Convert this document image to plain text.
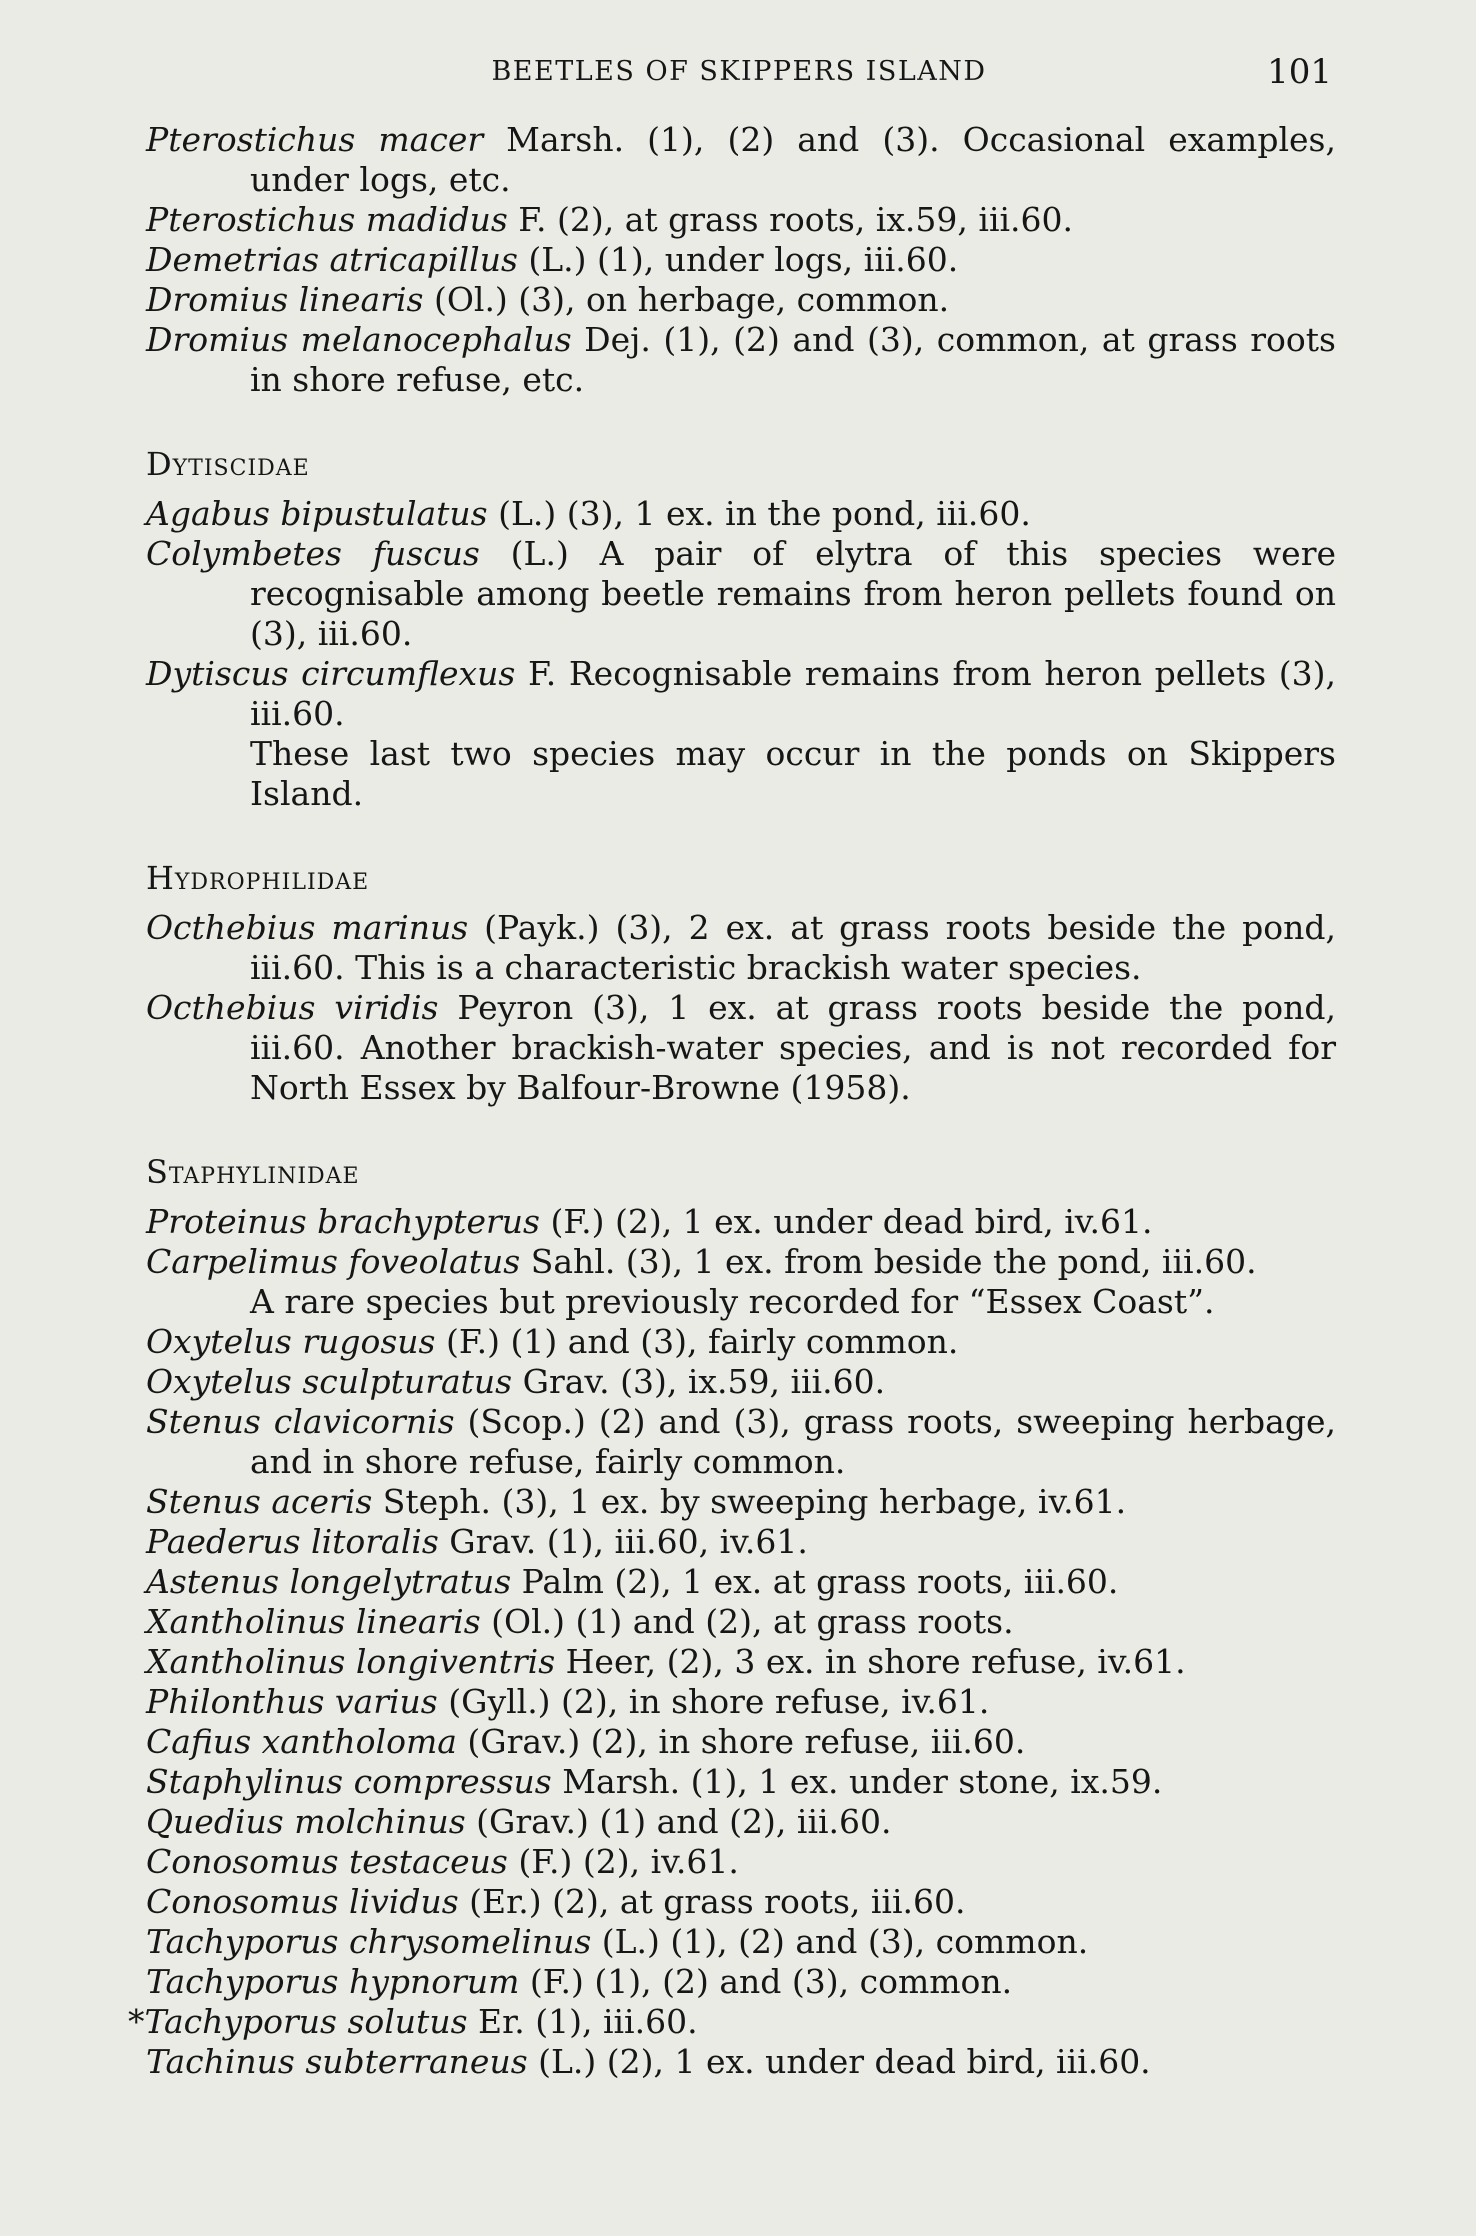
BEETLES OF SKIPPERS ISLAND	101
Pterostichus macer Marsh. (1), (2) and (3). Occasional examples, under logs, etc.
Pterostichus madidus F. (2), at grass roots, ix.59, iii.60.
Demetrias atricapillus (L.) (1), under logs, iii.60.
Dromius linearis (Ol.) (3), on herbage, common.
Dromius melanocephalus Dej. (1), (2) and (3), common, at grass roots in shore refuse, etc.
Dytiscidae
Agabus bipustulatus (L.) (3), 1 ex. in the pond, iii.60.
Colymbetes fuscus (L.) A pair of elytra of this species were recognisable among beetle remains from heron pellets found on (3), iii.60.
Dytiscus circumflexus F. Recognisable remains from heron pellets (3), iii.60.
These last two species may occur in the ponds on Skippers Island.
Hydrophilidae
Octhebius marinus (Payk.) (3), 2 ex. at grass roots beside the pond, iii.60. This is a characteristic brackish water species.
Octhebius viridis Peyron (3), 1 ex. at grass roots beside the pond, iii.60. Another brackish-water species, and is not recorded for North Essex by Balfour-Browne (1958).
Staphylinidae
Proteinus brachypterus (F.) (2), 1 ex. under dead bird, iv.61.
Carpelimus foveolatus Sahl. (3), 1 ex. from beside the pond, iii.60.
A rare species but previously recorded for “Essex Coast”.
Oxytelus rugosus (F.) (1) and (3), fairly common.
Oxytelus sculpturatus Grav. (3), ix.59, iii.60.
Stenus clavicornis (Scop.) (2) and (3), grass roots, sweeping herbage, and in shore refuse, fairly common.
Stenus aceris Steph. (3), 1 ex. by sweeping herbage, iv.61.
Paederus litoralis Grav. (1), iii.60, iv.61.
Astenus longelytratus Palm (2), 1 ex. at grass roots, iii.60.
Xantholinus linearis (Ol.) (1) and (2), at grass roots.
Xantholinus longiventris Heer, (2), 3 ex. in shore refuse, iv.61.
Philonthus varius (Gyll.) (2), in shore refuse, iv.61.
Cafius xantholoma (Grav.) (2), in shore refuse, iii.60.
Staphylinus compressus Marsh. (1), 1 ex. under stone, ix.59.
Quedius molchinus (Grav.) (1) and (2), iii.60.
Conosomus testaceus (F.) (2), iv.61.
Conosomus lividus (Er.) (2), at grass roots, iii.60.
Tachyporus chrysomelinus (L.) (1), (2) and (3), common.
Tachyporus hypnorum (F.) (1), (2) and (3), common.
*Tachyporus solutus Er. (1), iii.60.
Tachinus subterraneus (L.) (2), 1 ex. under dead bird, iii.60.
